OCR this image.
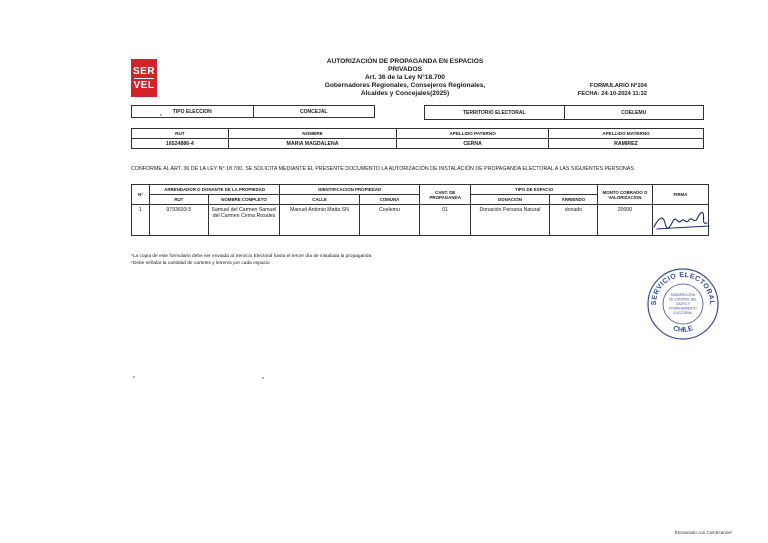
SER
VEL
AUTORIZACIÓN DE PROPAGANDA EN ESPACIOS
PRIVADOS
Art. 36 de la Ley N°18.700
Gobernadores Regionales, Consejeros Regionales,
Alcaldes y Concejales(2025)
FORMULARIO N°104
FECHA: 24-10-2024 11:32
TIPO ELECCION	CONCEJAL	TERRITORIO ELECTORAL	COELEMU
RUT	NOMBRE	APELLIDO PATERNO	APELLIDO MATERNO
16524886-4	MARIA MAGDALENA	CERNA	RAMIREZ
CONFORME AL ART. 36 DE LA LEY N° 18.700, SE SOLICITA MEDIANTE EL PRESENTE DOCUMENTO LA AUTORIZACIÓN DE INSTALACIÓN DE PROPAGANDA ELECTORAL A LAS SIGUIENTES PERSONAS
N°	ARRENDADOR O DONANTE DE LA PROPIEDAD		IDENTIFICACION PROPIEDAD		CANT. DE PROPAGANDA	TIPO DE ESPACIO		MONTO COBRADO O VALORIZACION	FIRMA
	RUT	NOMBRE COMPLETO	CALLE	COMUNA		DONACIÓN	ARRIENDO		
1	9793693-5	Samuel del Carmen Samuel del Carmen Cerna Rosales	Manuel Antonio Matta SN	Coelemu	01	Donación Persona Natural	donado	20000	
*La copia de este formulario debe ser enviada al Servicio Electoral hasta el tercer día de instalada la propaganda
*Debe señalar la cantidad de carteles y letreros por cada espacio
SERVICIO ELECTORAL
CHILE
SUBDIRECCIÓN
DE CONTROL DEL
GASTO Y
FINANCIAMIENTO
ELECTORAL
Escaneado con CamScanner
